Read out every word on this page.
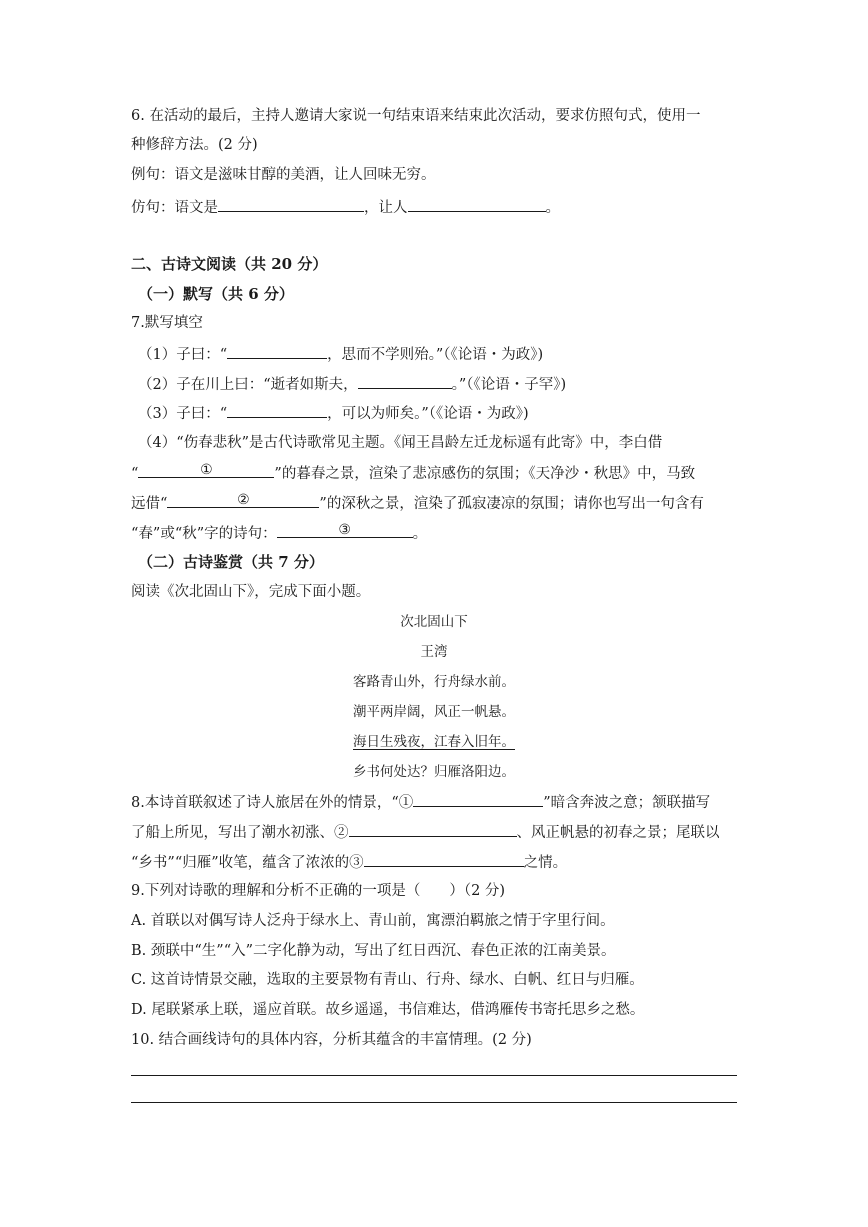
6. 在活动的最后，主持人邀请大家说一句结束语来结束此次活动，要求仿照句式，使用一
种修辞方法。(2 分)
例句：语文是滋味甘醇的美酒，让人回味无穷。
仿句：语文是	，让人	。
二、古诗文阅读（共 20 分）
（一）默写（共 6 分）
7.默写填空
（1）子曰：“	，思而不学则殆。”（《论语・为政》)
（2）子在川上曰：“逝者如斯夫，	。”（《论语・子罕》)
（3）子曰：“	，可以为师矣。”（《论语・为政》)
（4）“伤春悲秋”是古代诗歌常见主题。《闻王昌龄左迁龙标遥有此寄》中，李白借
“	①	”的暮春之景，渲染了悲凉感伤的氛围；《天净沙・秋思》中，马致
远借“	②	”的深秋之景，渲染了孤寂凄凉的氛围；请你也写出一句含有
“春”或“秋”字的诗句：	③	。
（二）古诗鉴赏（共 7 分）
阅读《次北固山下》，完成下面小题。
次北固山下
王湾
客路青山外，行舟绿水前。
潮平两岸阔，风正一帆悬。
海日生残夜，江春入旧年。
乡书何处达？归雁洛阳边。
8.本诗首联叙述了诗人旅居在外的情景，“①	”暗含奔波之意；颔联描写
了船上所见，写出了潮水初涨、②	、风正帆悬的初春之景；尾联以
“乡书”“归雁”收笔，蕴含了浓浓的③	之情。
9.下列对诗歌的理解和分析不正确的一项是（　　）（2 分)
A. 首联以对偶写诗人泛舟于绿水上、青山前，寓漂泊羁旅之情于字里行间。
B. 颈联中“生”“入”二字化静为动，写出了红日西沉、春色正浓的江南美景。
C. 这首诗情景交融，选取的主要景物有青山、行舟、绿水、白帆、红日与归雁。
D. 尾联紧承上联，遥应首联。故乡遥遥，书信难达，借鸿雁传书寄托思乡之愁。
10. 结合画线诗句的具体内容，分析其蕴含的丰富情理。(2 分)
